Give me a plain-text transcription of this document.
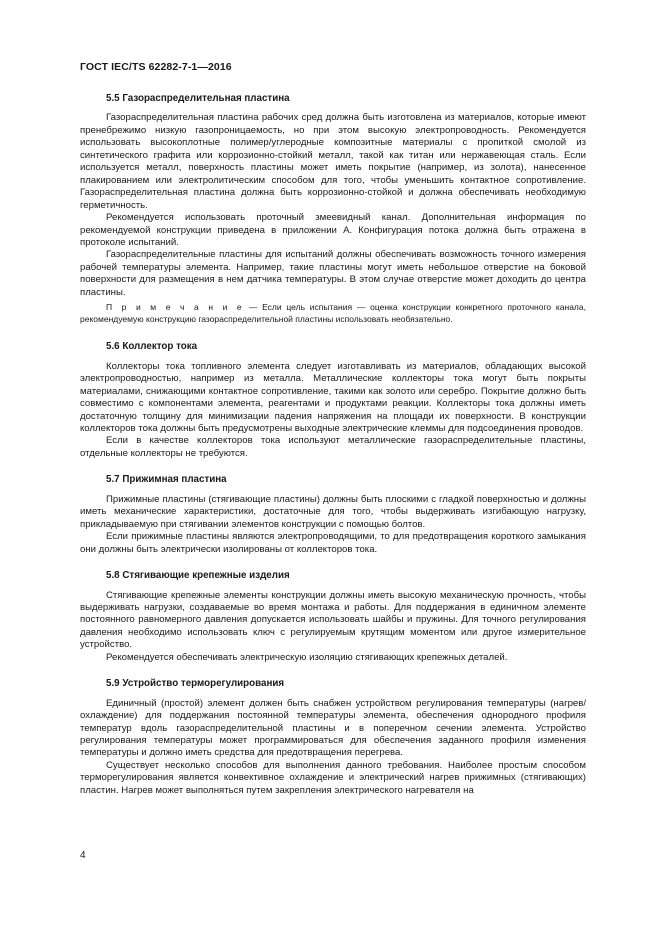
ГОСТ IEC/TS 62282-7-1—2016
5.5 Газораспределительная пластина

Газораспределительная пластина рабочих сред должна быть изготовлена из материалов, которые имеют пренебрежимо низкую газопроницаемость, но при этом высокую электропроводность. Рекомендуется использовать высокоплотные полимер/углеродные композитные материалы с пропиткой смолой из синтетического графита или коррозионно-стойкий металл, такой как титан или нержавеющая сталь. Если используется металл, поверхность пластины может иметь покрытие (например, из золота), нанесенное плакированием или электролитическим способом для того, чтобы уменьшить контактное сопротивление. Газораспределительная пластина должна быть коррозионно-стойкой и должна обеспечивать необходимую герметичность.

Рекомендуется использовать проточный змеевидный канал. Дополнительная информация по рекомендуемой конструкции приведена в приложении А. Конфигурация потока должна быть отражена в протоколе испытаний.

Газораспределительные пластины для испытаний должны обеспечивать возможность точного измерения рабочей температуры элемента. Например, такие пластины могут иметь небольшое отверстие на боковой поверхности для размещения в нем датчика температуры. В этом случае отверстие может доходить до центра пластины.

П р и м е ч а н и е — Если цель испытания — оценка конструкции конкретного проточного канала, рекомендуемую конструкцию газораспределительной пластины использовать необязательно.

5.6 Коллектор тока

Коллекторы тока топливного элемента следует изготавливать из материалов, обладающих высокой электропроводностью, например из металла. Металлические коллекторы тока могут быть покрыты материалами, снижающими контактное сопротивление, такими как золото или серебро. Покрытие должно быть совместимо с компонентами элемента, реагентами и продуктами реакции. Коллекторы тока должны иметь достаточную толщину для минимизации падения напряжения на площади их поверхности. В конструкции коллекторов тока должны быть предусмотрены выходные электрические клеммы для подсоединения проводов.

Если в качестве коллекторов тока используют металлические газораспределительные пластины, отдельные коллекторы не требуются.

5.7 Прижимная пластина

Прижимные пластины (стягивающие пластины) должны быть плоскими с гладкой поверхностью и должны иметь механические характеристики, достаточные для того, чтобы выдерживать изгибающую нагрузку, прикладываемую при стягивании элементов конструкции с помощью болтов.

Если прижимные пластины являются электропроводящими, то для предотвращения короткого замыкания они должны быть электрически изолированы от коллекторов тока.

5.8 Стягивающие крепежные изделия

Стягивающие крепежные элементы конструкции должны иметь высокую механическую прочность, чтобы выдерживать нагрузки, создаваемые во время монтажа и работы. Для поддержания в единичном элементе постоянного равномерного давления допускается использовать шайбы и пружины. Для точного регулирования давления необходимо использовать ключ с регулируемым крутящим моментом или другое измерительное устройство.

Рекомендуется обеспечивать электрическую изоляцию стягивающих крепежных деталей.

5.9 Устройство терморегулирования

Единичный (простой) элемент должен быть снабжен устройством регулирования температуры (нагрев/охлаждение) для поддержания постоянной температуры элемента, обеспечения однородного профиля температур вдоль газораспределительной пластины и в поперечном сечении элемента. Устройство регулирования температуры может программироваться для обеспечения заданного профиля изменения температуры и должно иметь средства для предотвращения перегрева.

Существует несколько способов для выполнения данного требования. Наиболее простым способом терморегулирования является конвективное охлаждение и электрический нагрев прижимных (стягивающих) пластин. Нагрев может выполняться путем закрепления электрического нагревателя на

4
